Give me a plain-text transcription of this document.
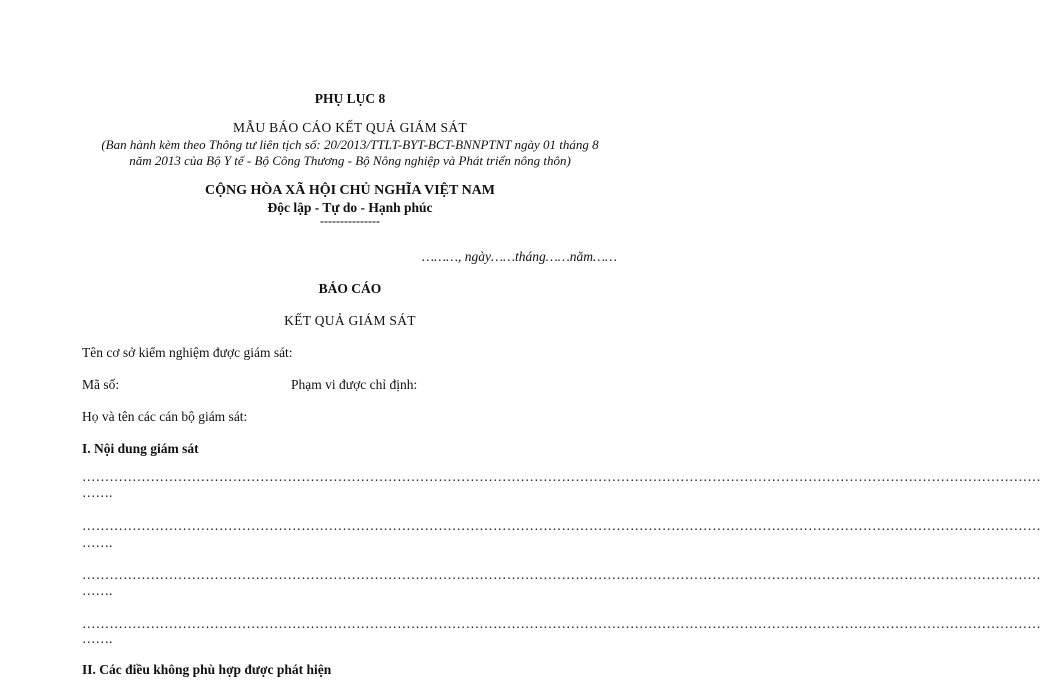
PHỤ LỤC 8
MẪU BÁO CÁO KẾT QUẢ GIÁM SÁT
(Ban hành kèm theo Thông tư liên tịch số: 20/2013/TTLT-BYT-BCT-BNNPTNT ngày 01 tháng 8
năm 2013 của Bộ Y tế - Bộ Công Thương - Bộ Nông nghiệp và Phát triển nông thôn)
CỘNG HÒA XÃ HỘI CHỦ NGHĨA VIỆT NAM
Độc lập - Tự do - Hạnh phúc
---------------
………, ngày……tháng……năm……
BÁO CÁO
KẾT QUẢ GIÁM SÁT
Tên cơ sở kiểm nghiệm được giám sát:
Mã số:	Phạm vi được chỉ định:
Họ và tên các cán bộ giám sát:
I. Nội dung giám sát
…………………………………………………………………………………………………………………………………………………………………………………………
…….
…………………………………………………………………………………………………………………………………………………………………………………………
…….
…………………………………………………………………………………………………………………………………………………………………………………………
…….
…………………………………………………………………………………………………………………………………………………………………………………………
…….
II. Các điều không phù hợp được phát hiện
